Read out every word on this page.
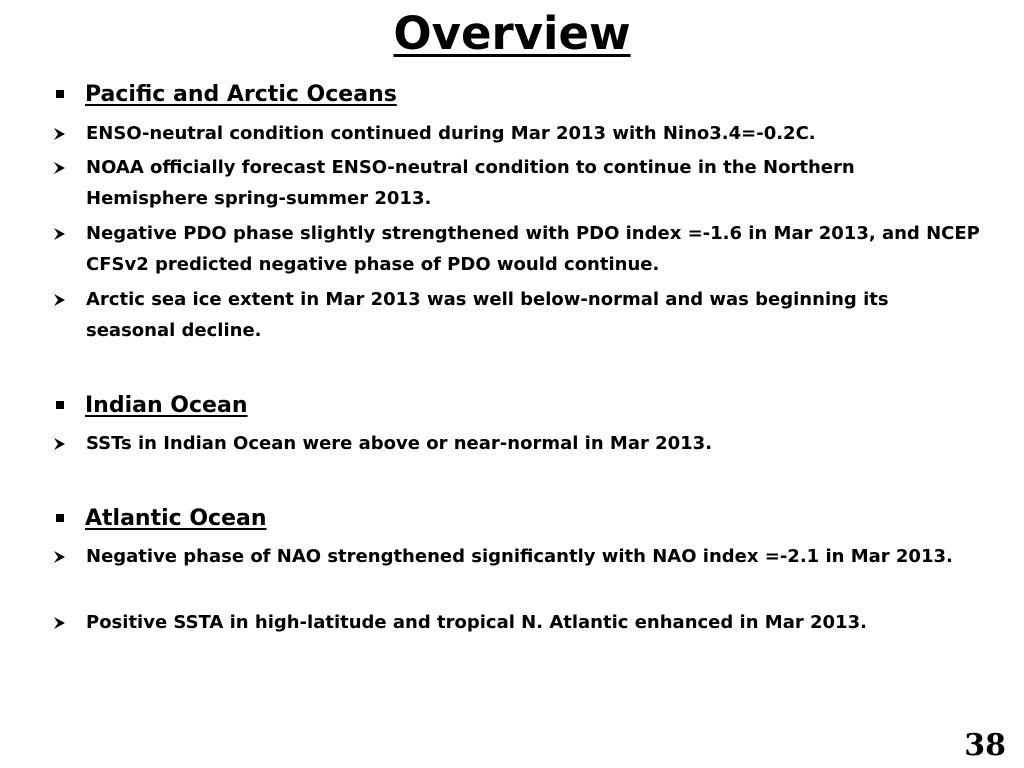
Overview
Pacific and Arctic Oceans
ENSO-neutral condition continued during Mar 2013 with Nino3.4=-0.2C.
NOAA officially forecast ENSO-neutral condition to continue in the Northern Hemisphere spring-summer 2013.
Negative PDO phase slightly strengthened with PDO index =-1.6 in Mar 2013, and NCEP CFSv2 predicted negative phase of PDO would continue.
Arctic sea ice extent in Mar 2013 was well below-normal and was beginning its seasonal decline.
Indian Ocean
SSTs in Indian Ocean were above or near-normal in Mar 2013.
Atlantic Ocean
Negative phase of NAO strengthened significantly with NAO index =-2.1 in Mar 2013.
Positive SSTA in high-latitude and tropical N. Atlantic enhanced in Mar 2013.
38
